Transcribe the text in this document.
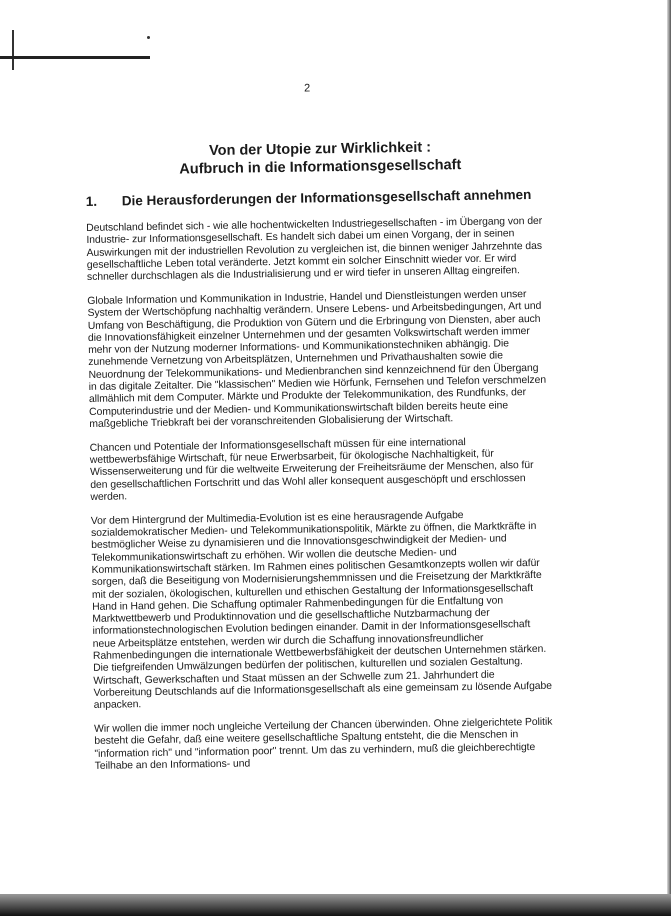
2
Von der Utopie zur Wirklichkeit :
Aufbruch in die Informationsgesellschaft
1.	Die Herausforderungen der Informationsgesellschaft annehmen

Deutschland befindet sich - wie alle hochentwickelten Industriegesellschaften - im Übergang von der Industrie- zur Informationsgesellschaft. Es handelt sich dabei um einen Vorgang, der in seinen Auswirkungen mit der industriellen Revolution zu vergleichen ist, die binnen weniger Jahrzehnte das gesellschaftliche Leben total veränderte. Jetzt kommt ein solcher Einschnitt wieder vor. Er wird schneller durchschlagen als die Industrialisierung und er wird tiefer in unseren Alltag eingreifen.

Globale Information und Kommunikation in Industrie, Handel und Dienstleistungen werden unser System der Wertschöpfung nachhaltig verändern. Unsere Lebens- und Arbeitsbedingungen, Art und Umfang von Beschäftigung, die Produktion von Gütern und die Erbringung von Diensten, aber auch die Innovationsfähigkeit einzelner Unternehmen und der gesamten Volkswirtschaft werden immer mehr von der Nutzung moderner Informations- und Kommunikationstechniken abhängig. Die zunehmende Vernetzung von Arbeitsplätzen, Unternehmen und Privathaushalten sowie die Neuordnung der Telekommunikations- und Medienbranchen sind kennzeichnend für den Übergang in das digitale Zeitalter. Die "klassischen" Medien wie Hörfunk, Fernsehen und Telefon verschmelzen allmählich mit dem Computer. Märkte und Produkte der Telekommunikation, des Rundfunks, der Computerindustrie und der Medien- und Kommunikationswirtschaft bilden bereits heute eine maßgebliche Triebkraft bei der voranschreitenden Globalisierung der Wirtschaft.

Chancen und Potentiale der Informationsgesellschaft müssen für eine international wettbewerbsfähige Wirtschaft, für neue Erwerbsarbeit, für ökologische Nachhaltigkeit, für Wissenserweiterung und für die weltweite Erweiterung der Freiheitsräume der Menschen, also für den gesellschaftlichen Fortschritt und das Wohl aller konsequent ausgeschöpft und erschlossen werden.

Vor dem Hintergrund der Multimedia-Evolution ist es eine herausragende Aufgabe sozialdemokratischer Medien- und Telekommunikationspolitik, Märkte zu öffnen, die Marktkräfte in bestmöglicher Weise zu dynamisieren und die Innovationsgeschwindigkeit der Medien- und Telekommunikationswirtschaft zu erhöhen. Wir wollen die deutsche Medien- und Kommunikationswirtschaft stärken. Im Rahmen eines politischen Gesamtkonzepts wollen wir dafür sorgen, daß die Beseitigung von Modernisierungshemmnissen und die Freisetzung der Marktkräfte mit der sozialen, ökologischen, kulturellen und ethischen Gestaltung der Informationsgesellschaft Hand in Hand gehen. Die Schaffung optimaler Rahmenbedingungen für die Entfaltung von Marktwettbewerb und Produktinnovation und die gesellschaftliche Nutzbarmachung der informationstechnologischen Evolution bedingen einander. Damit in der Informationsgesellschaft neue Arbeitsplätze entstehen, werden wir durch die Schaffung innovationsfreundlicher Rahmenbedingungen die internationale Wettbewerbsfähigkeit der deutschen Unternehmen stärken. Die tiefgreifenden Umwälzungen bedürfen der politischen, kulturellen und sozialen Gestaltung. Wirtschaft, Gewerkschaften und Staat müssen an der Schwelle zum 21. Jahrhundert die Vorbereitung Deutschlands auf die Informationsgesellschaft als eine gemeinsam zu lösende Aufgabe anpacken.

Wir wollen die immer noch ungleiche Verteilung der Chancen überwinden. Ohne zielgerichtete Politik besteht die Gefahr, daß eine weitere gesellschaftliche Spaltung entsteht, die die Menschen in "information rich" und "information poor" trennt. Um das zu verhindern, muß die gleichberechtigte Teilhabe an den Informations- und
